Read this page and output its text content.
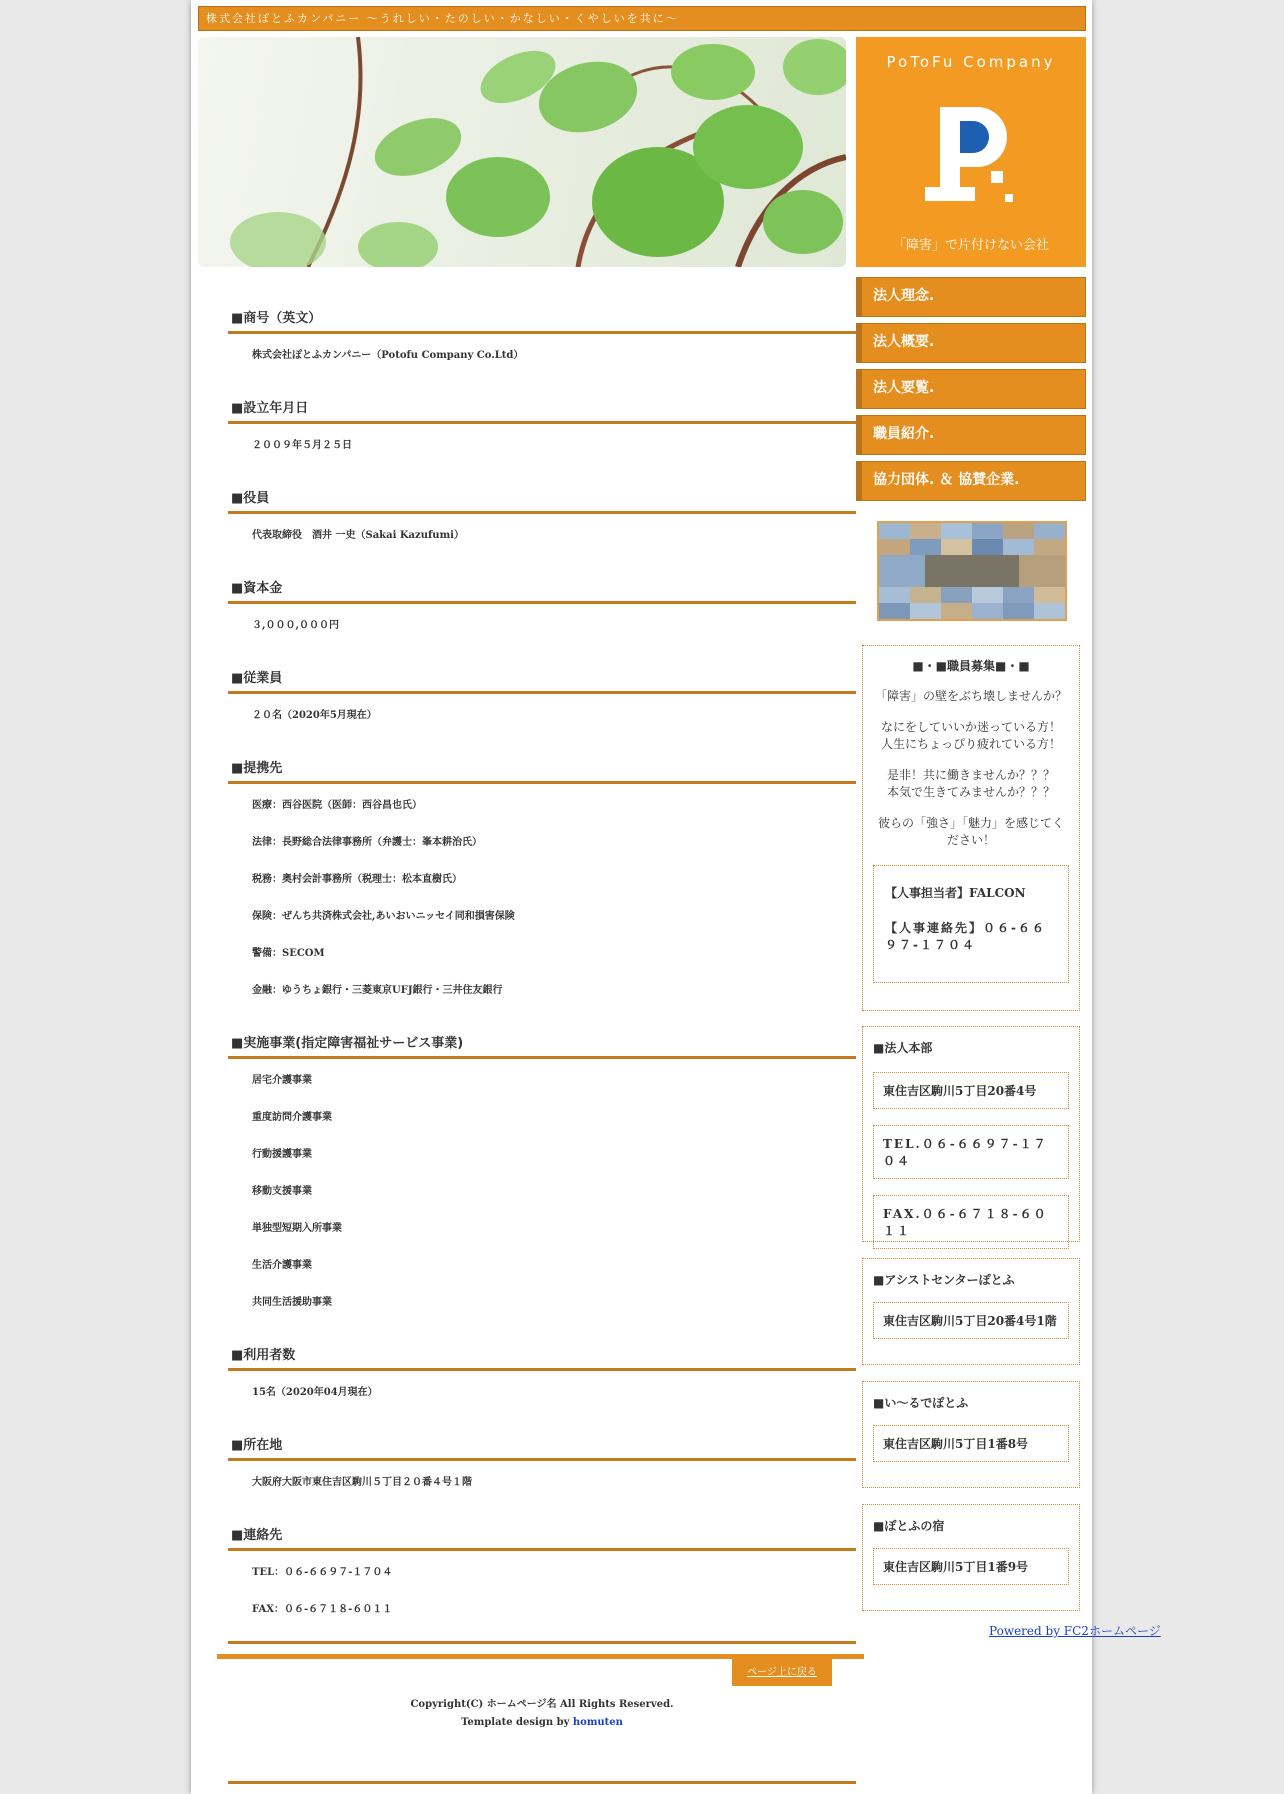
株式会社ぽとふカンパニー ～うれしい・たのしい・かなしい・くやしいを共に～
PoToFu Company
「障害」で片付けない会社
法人理念.
法人概要.
法人要覧.
職員紹介.
協力団体. ＆ 協賛企業.
■・■職員募集■・■

「障害」の壁をぶち壊しませんか？

なにをしていいか迷っている方！
人生にちょっぴり疲れている方！

是非！共に働きませんか？？？
本気で生きてみませんか？？？

彼らの「強さ」「魅力」を感じてください！

【人事担当者】FALCON
【人事連絡先】０６-６６９７-１７０４
■法人本部
東住吉区駒川5丁目20番4号
TEL.０６-６６９７-１７０４
FAX.０６-６７１８-６０１１
■アシストセンターぽとふ
東住吉区駒川5丁目20番4号1階
■い～るでぽとふ
東住吉区駒川5丁目1番8号
■ぽとふの宿
東住吉区駒川5丁目1番9号
Powered by FC2ホームページ
■商号（英文）
株式会社ぽとふカンパニー（Potofu Company Co.Ltd）
■設立年月日
２００９年５月２５日
■役員
代表取締役　酒井 一史（Sakai Kazufumi）
■資本金
３,０００,０００円
■従業員
２０名（2020年5月現在）
■提携先
医療：西谷医院（医師：西谷昌也氏）
法律：長野総合法律事務所（弁護士：峯本耕治氏）
税務：奥村会計事務所（税理士：松本直樹氏）
保険：ぜんち共済株式会社,あいおいニッセイ同和損害保険
警備：SECOM
金融：ゆうちょ銀行・三菱東京UFJ銀行・三井住友銀行
■実施事業(指定障害福祉サービス事業)
居宅介護事業
重度訪問介護事業
行動援護事業
移動支援事業
単独型短期入所事業
生活介護事業
共同生活援助事業
■利用者数
15名（2020年04月現在）
■所在地
大阪府大阪市東住吉区駒川５丁目２０番４号１階
■連絡先
TEL：０６-６６９７-１７０４
FAX：０６-６７１８-６０１１
ページ上に戻る
Copyright(C) ホームページ名 All Rights Reserved.
Template design by homuten
